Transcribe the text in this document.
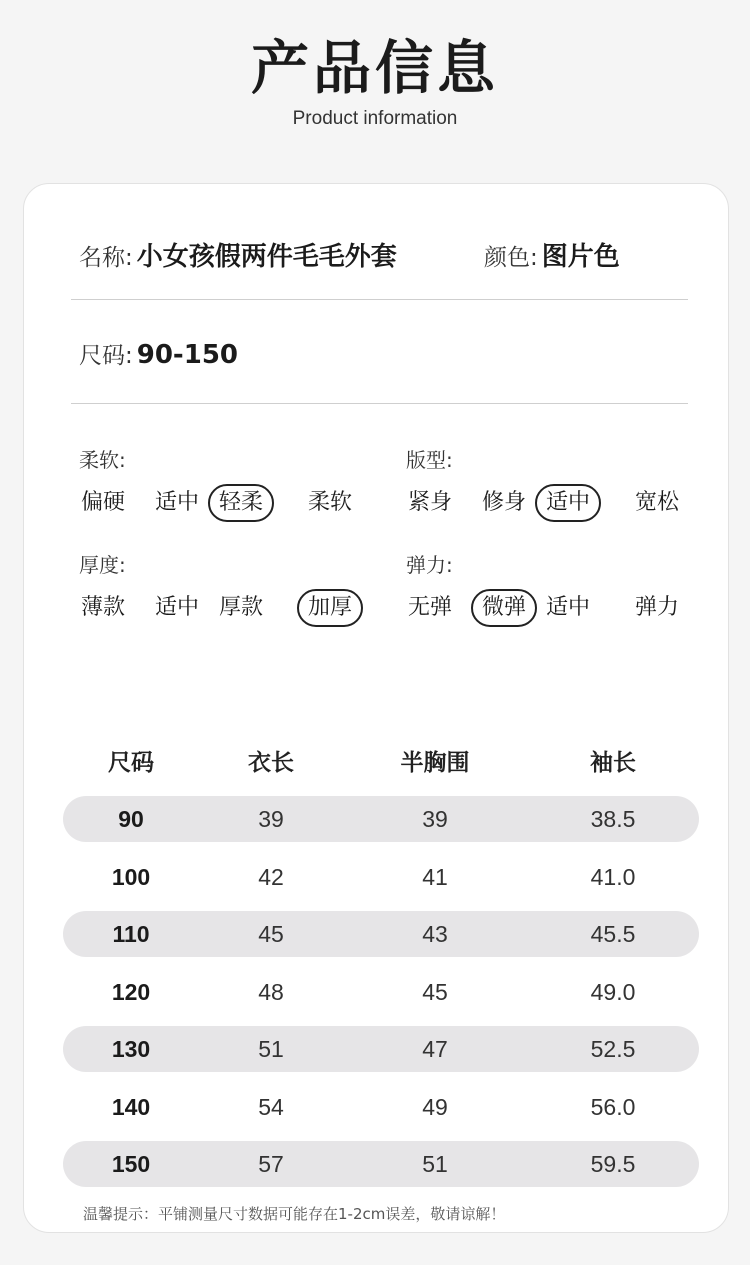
产品信息
Product information
名称: 小女孩假两件毛毛外套	颜色: 图片色
尺码: 90-150
柔软:
偏硬 适中 轻柔	柔软
版型:
紧身 修身 适中	宽松
厚度:
薄款 适中 厚款	加厚
弹力:
无弹	微弹 适中 弹力
尺码	衣长	半胸围	袖长
90	39	39	38.5
100	42	41	41.0
110	45	43	45.5
120	48	45	49.0
130	51	47	52.5
140	54	49	56.0
150	57	51	59.5
温馨提示：平铺测量尺寸数据可能存在1-2cm误差，敬请谅解！
